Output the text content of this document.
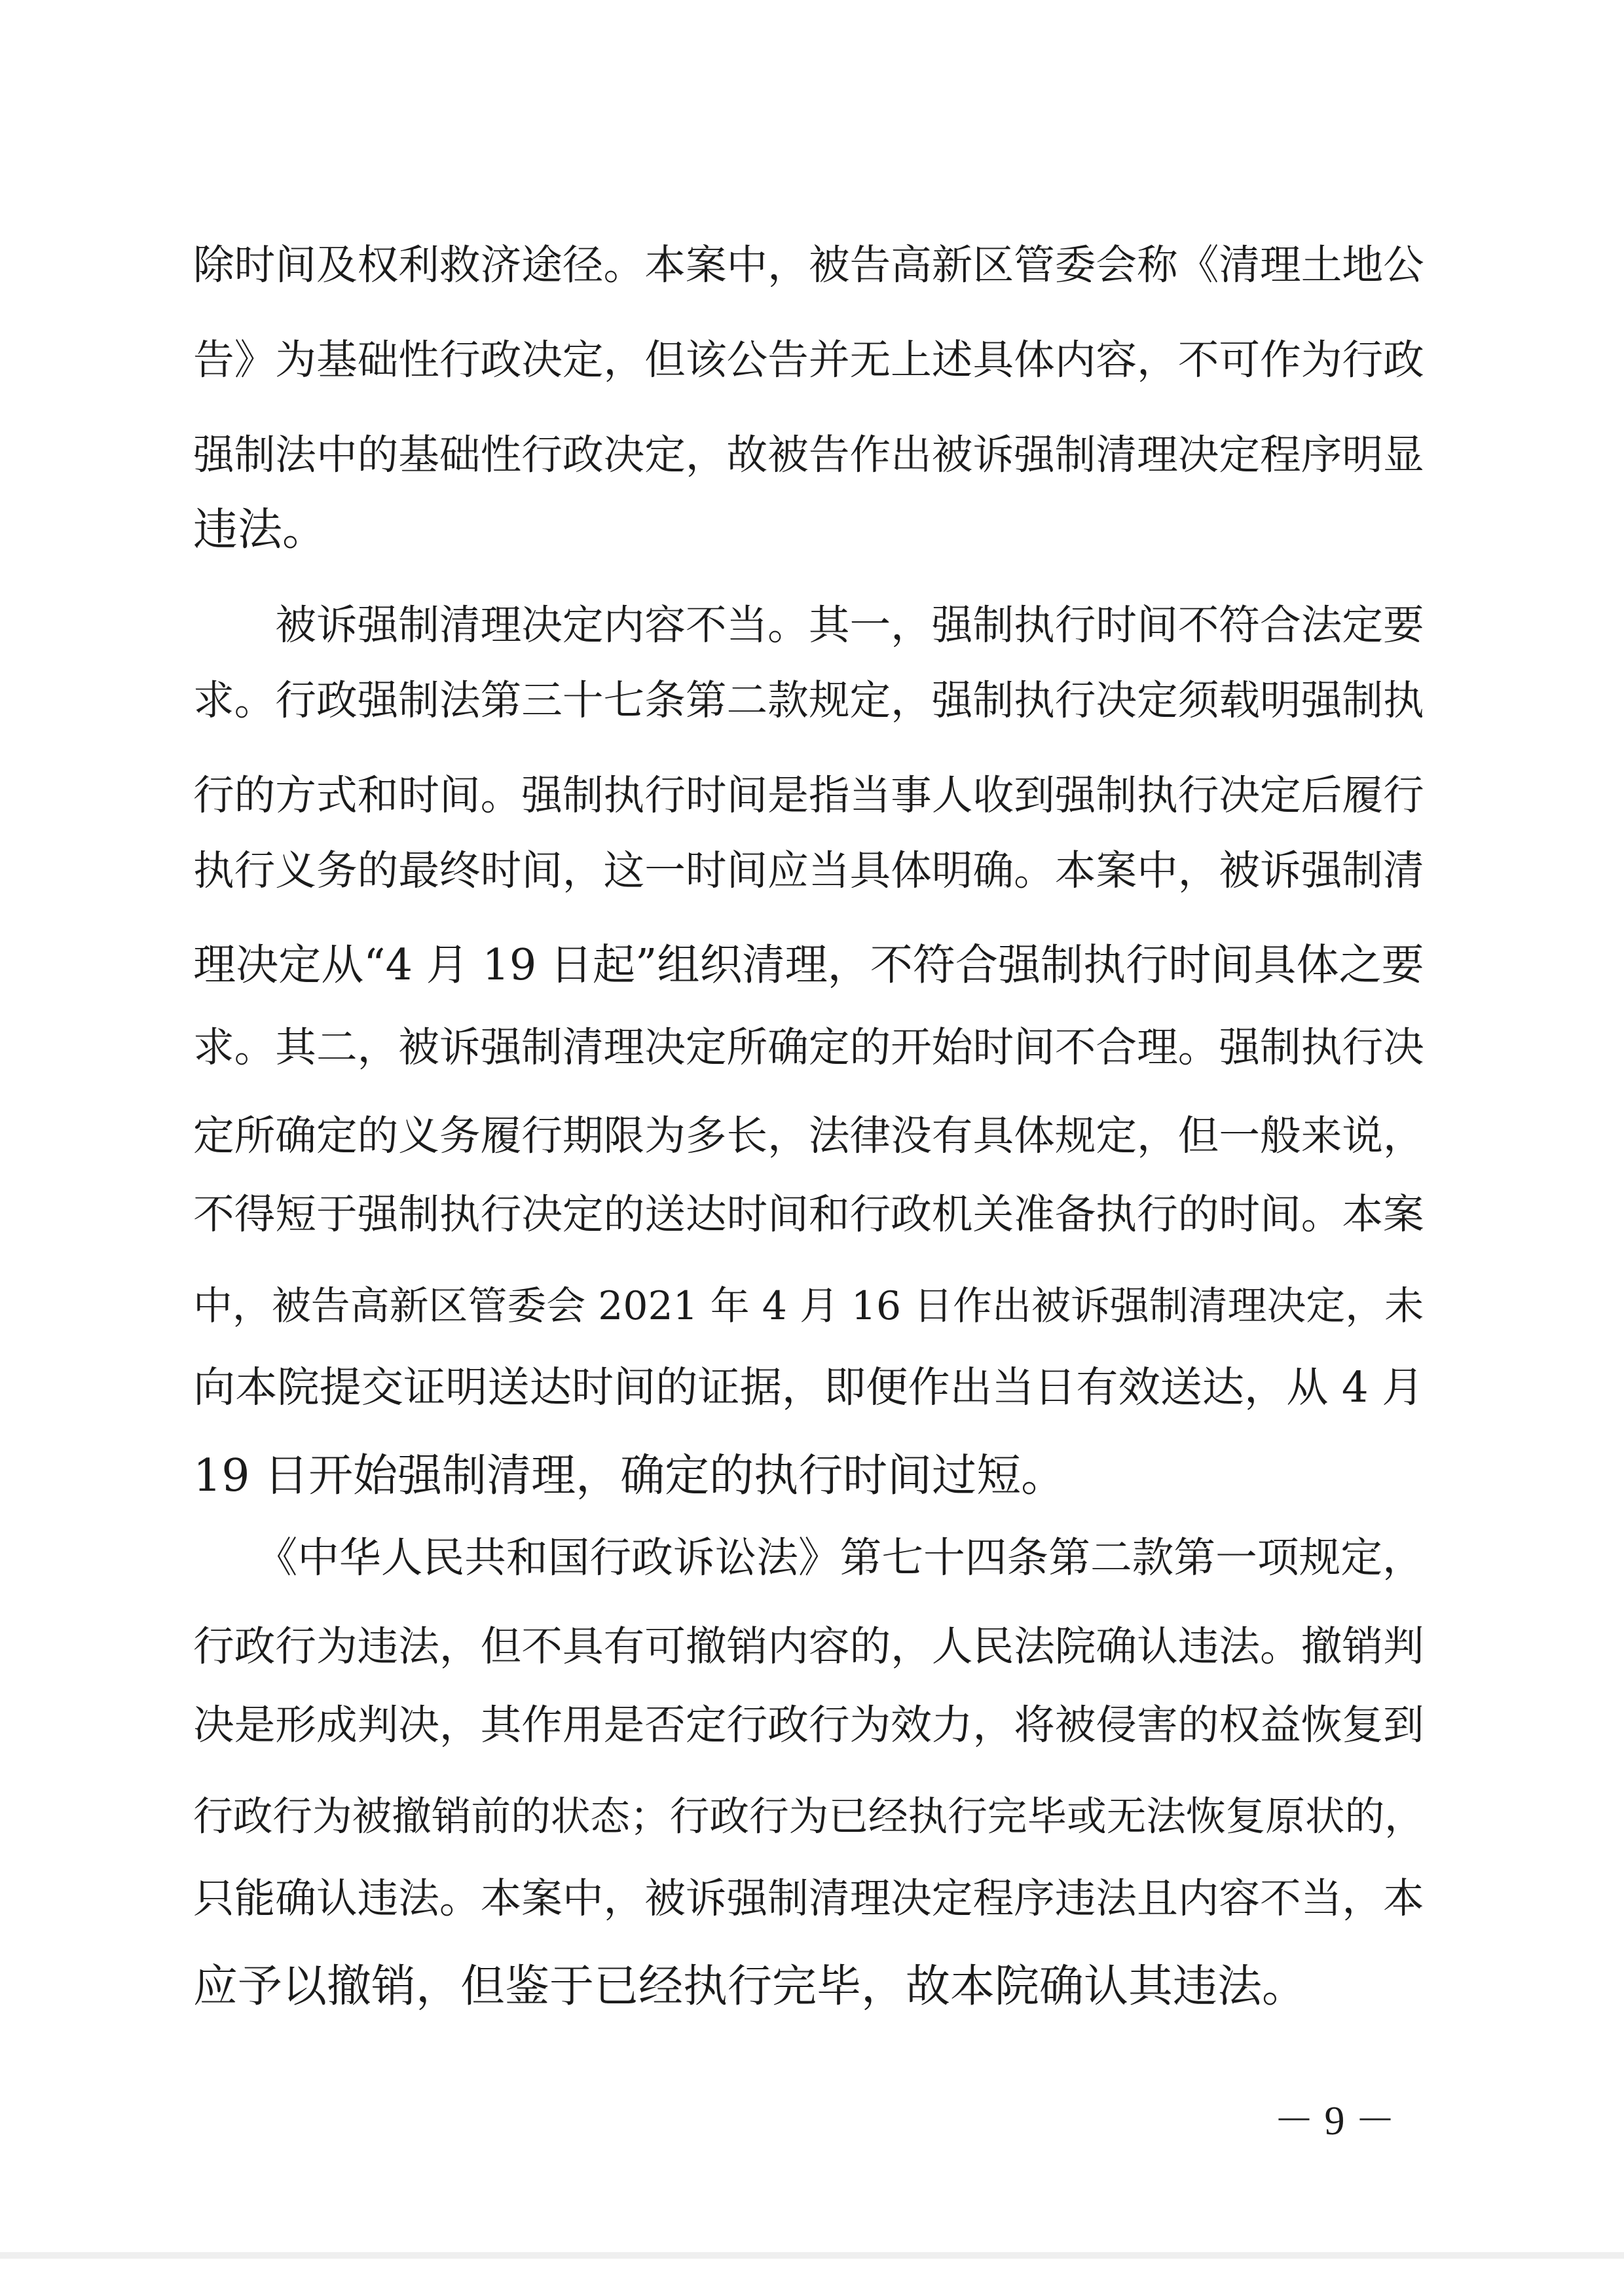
除时间及权利救济途径。本案中，被告高新区管委会称《清理土地公
告》为基础性行政决定，但该公告并无上述具体内容，不可作为行政
强制法中的基础性行政决定，故被告作出被诉强制清理决定程序明显
违法。
　　被诉强制清理决定内容不当。其一，强制执行时间不符合法定要
求。行政强制法第三十七条第二款规定，强制执行决定须载明强制执
行的方式和时间。强制执行时间是指当事人收到强制执行决定后履行
执行义务的最终时间，这一时间应当具体明确。本案中，被诉强制清
理决定从“4 月 19 日起”组织清理，不符合强制执行时间具体之要
求。其二，被诉强制清理决定所确定的开始时间不合理。强制执行决
定所确定的义务履行期限为多长，法律没有具体规定，但一般来说，
不得短于强制执行决定的送达时间和行政机关准备执行的时间。本案
中，被告高新区管委会 2021 年 4 月 16 日作出被诉强制清理决定，未
向本院提交证明送达时间的证据，即便作出当日有效送达，从 4 月
19 日开始强制清理，确定的执行时间过短。
　　《中华人民共和国行政诉讼法》第七十四条第二款第一项规定，
行政行为违法，但不具有可撤销内容的，人民法院确认违法。撤销判
决是形成判决，其作用是否定行政行为效力，将被侵害的权益恢复到
行政行为被撤销前的状态；行政行为已经执行完毕或无法恢复原状的，
只能确认违法。本案中，被诉强制清理决定程序违法且内容不当，本
应予以撤销，但鉴于已经执行完毕，故本院确认其违法。
－ 9 －
